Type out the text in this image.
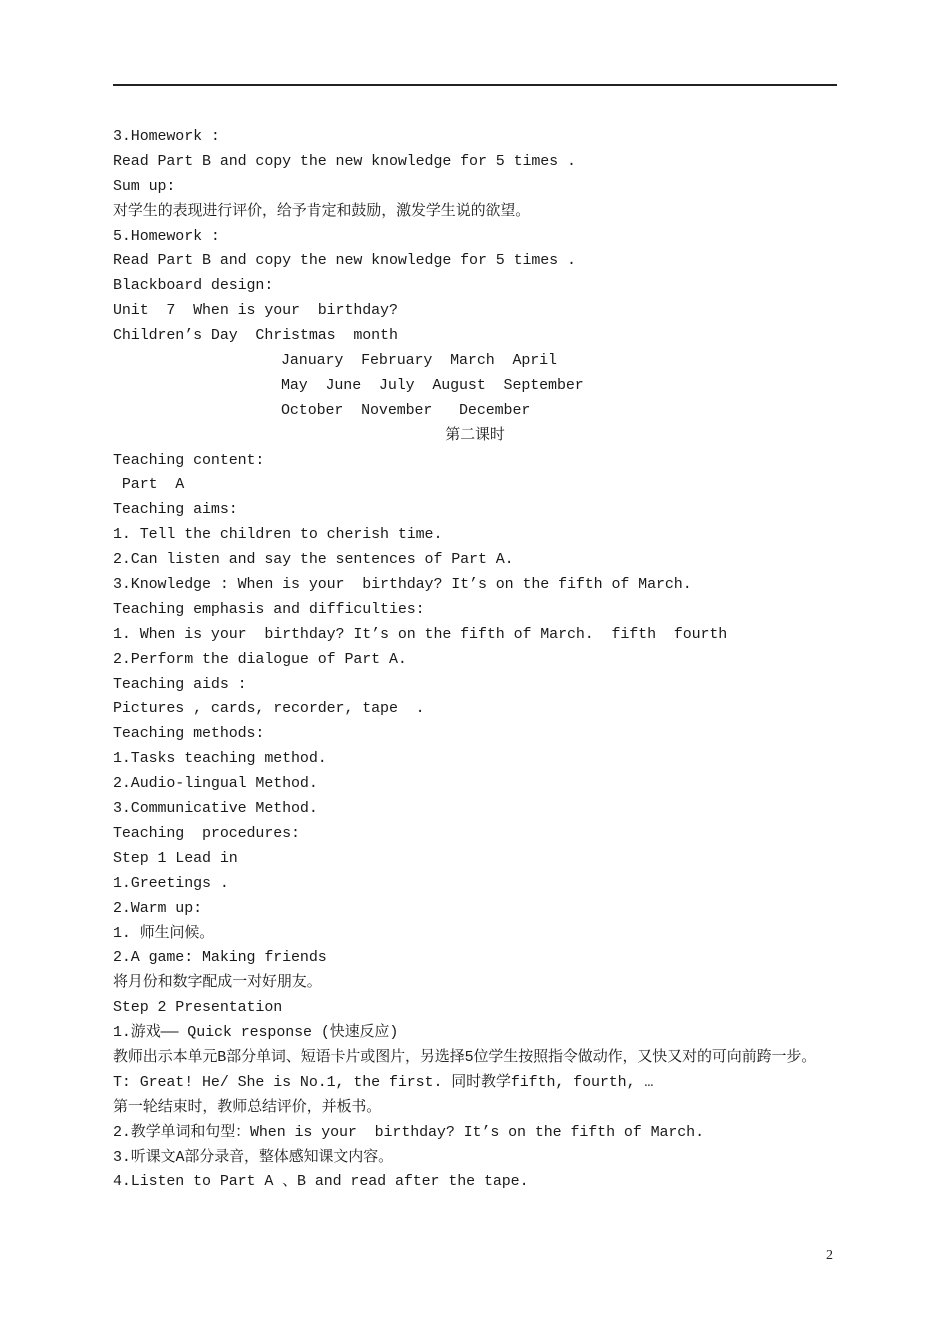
3.Homework :
Read Part B and copy the new knowledge for 5 times .
Sum up:
对学生的表现进行评价，给予肯定和鼓励，激发学生说的欲望。
5.Homework :
Read Part B and copy the new knowledge for 5 times .
Blackboard design:
Unit  7  When is your  birthday?
Children’s Day  Christmas  month
January  February  March  April
May  June  July  August  September
October  November   December
第二课时
Teaching content:
Part  A
Teaching aims:
1. Tell the children to cherish time.
2.Can listen and say the sentences of Part A.
3.Knowledge : When is your  birthday? It’s on the fifth of March.
Teaching emphasis and difficulties:
1. When is your  birthday? It’s on the fifth of March.  fifth  fourth
2.Perform the dialogue of Part A.
Teaching aids :
Pictures , cards, recorder, tape  .
Teaching methods:
1.Tasks teaching method.
2.Audio-lingual Method.
3.Communicative Method.
Teaching  procedures:
Step 1 Lead in
1.Greetings .
2.Warm up:
1. 师生问候。
2.A game: Making friends
将月份和数字配成一对好朋友。
Step 2 Presentation
1.游戏—— Quick response (快速反应)
教师出示本单元B部分单词、短语卡片或图片，另选择5位学生按照指令做动作，又快又对的可向前跨一步。
T: Great! He/ She is No.1, the first. 同时教学fifth, fourth, …
第一轮结束时，教师总结评价，并板书。
2.教学单词和句型：When is your  birthday? It’s on the fifth of March.
3.听课文A部分录音，整体感知课文内容。
4.Listen to Part A 、B and read after the tape.
2
